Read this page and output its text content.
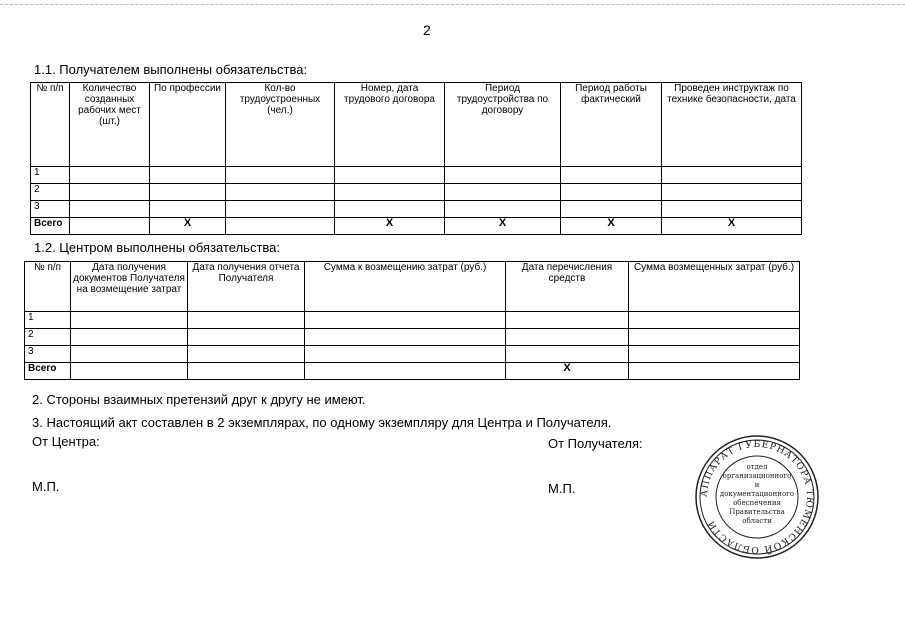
2
1.1. Получателем выполнены обязательства:
№ п/п	Количество созданных рабочих мест (шт.)	По профессии	Кол-во трудоустроенных (чел.)	Номер, дата трудового договора	Период трудоустройства по договору	Период работы фактический	Проведен инструктаж по технике безопасности, дата
1							
2							
3							
Всего		X		X	X	X	X
1.2. Центром выполнены обязательства:
№ п/п	Дата получения документов Получателя на возмещение затрат	Дата получения отчета Получателя	Сумма к возмещению затрат (руб.)	Дата перечисления средств	Сумма возмещенных затрат (руб.)
1					
2					
3					
Всего				X	
2. Стороны взаимных претензий друг к другу не имеют.
3. Настоящий акт составлен в 2 экземплярах, по одному экземпляру для Центра и Получателя.
От Центра:	От Получателя:
М.П.	М.П.	АППАРАТ ГУБЕРНАТОРА ТЮМЕНСКОЙ ОБЛАСТИ
отдел
организационного
и
документационного
обеспечения
Правительства
области
